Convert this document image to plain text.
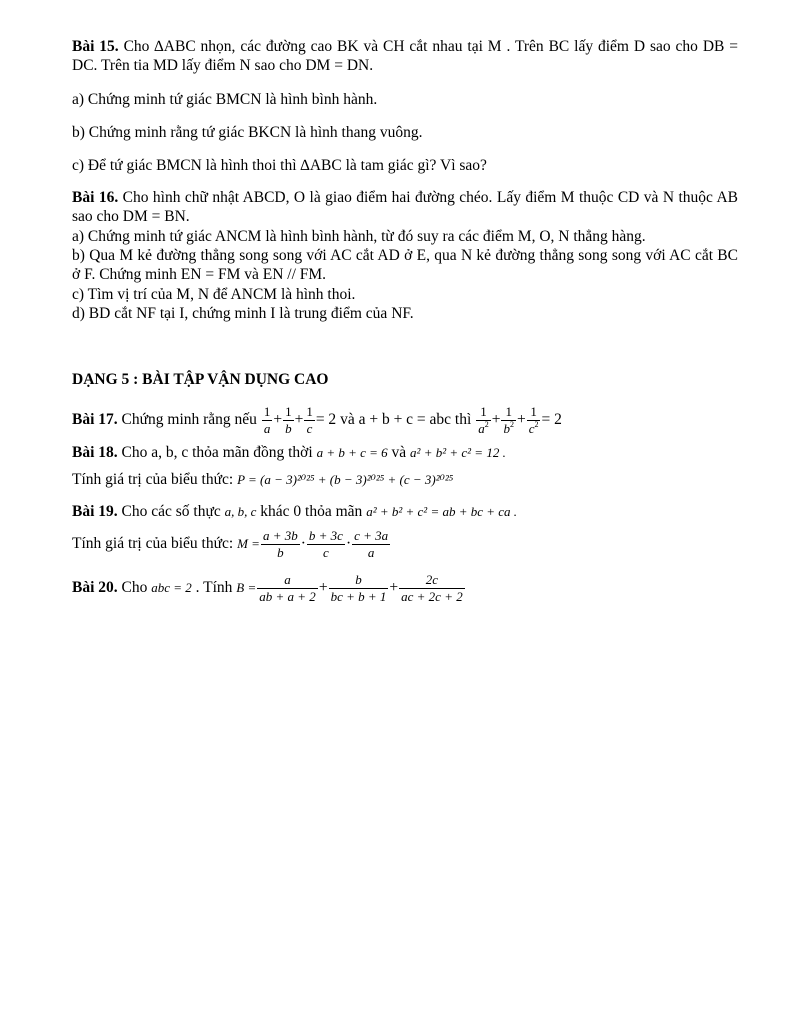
Bài 15. Cho ∆ABC nhọn, các đường cao BK và CH cắt nhau tại M . Trên BC lấy điểm D sao cho DB = DC. Trên tia MD lấy điểm N sao cho DM = DN.
a) Chứng minh tứ giác BMCN là hình bình hành.
b) Chứng minh rằng tứ giác BKCN là hình thang vuông.
c) Để tứ giác BMCN là hình thoi thì ∆ABC là tam giác gì? Vì sao?
Bài 16. Cho hình chữ nhật ABCD, O là giao điểm hai đường chéo. Lấy điểm M thuộc CD và N thuộc AB sao cho DM = BN.
a) Chứng minh tứ giác ANCM là hình bình hành, từ đó suy ra các điểm M, O, N thẳng hàng.
b) Qua M kẻ đường thẳng song song với AC cắt AD ở E, qua N kẻ đường thẳng song song với AC cắt BC ở F. Chứng minh EN = FM và EN // FM.
c) Tìm vị trí của M, N để ANCM là hình thoi.
d) BD cắt NF tại I, chứng minh I là trung điểm của NF.
DẠNG 5 : BÀI TẬP VẬN DỤNG CAO
Bài 17. Chứng minh rằng nếu $\frac{1}{a} + \frac{1}{b} + \frac{1}{c} = 2$ và a + b + c = abc thì $\frac{1}{a^2} + \frac{1}{b^2} + \frac{1}{c^2} = 2$
Bài 18. Cho a, b, c thỏa mãn đồng thời a + b + c = 6 và a² + b² + c² = 12 .
Tính giá trị của biểu thức: P = (a − 3)²⁰²⁵ + (b − 3)²⁰²⁵ + (c − 3)²⁰²⁵
Bài 19. Cho các số thực a, b, c khác 0 thỏa mãn a² + b² + c² = ab + bc + ca .
Tính giá trị của biểu thức: $M = \frac{a + 3b}{b} \cdot \frac{b + 3c}{c} \cdot \frac{c + 3a}{a}$
Bài 20. Cho abc = 2 . Tính $B = \frac{a}{ab + a + 2} + \frac{b}{bc + b + 1} + \frac{2c}{ac + 2c + 2}$
